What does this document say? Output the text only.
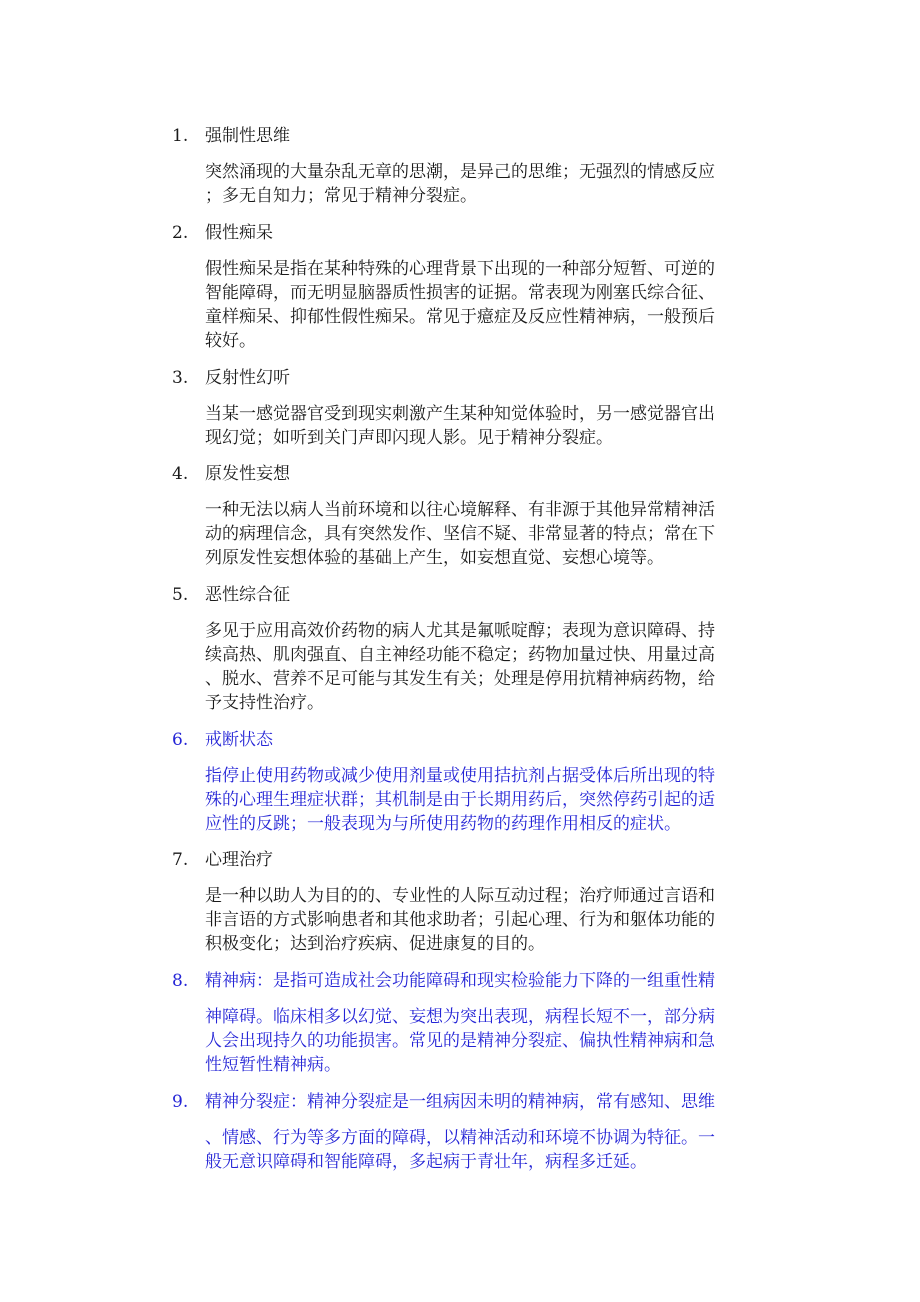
1. 强制性思维
突然涌现的大量杂乱无章的思潮，是异己的思维；无强烈的情感反应
；多无自知力；常见于精神分裂症。
2. 假性痴呆
假性痴呆是指在某种特殊的心理背景下出现的一种部分短暂、可逆的
智能障碍，而无明显脑器质性损害的证据。常表现为刚塞氏综合征、
童样痴呆、抑郁性假性痴呆。常见于癔症及反应性精神病，一般预后
较好。
3. 反射性幻听
当某一感觉器官受到现实刺激产生某种知觉体验时，另一感觉器官出
现幻觉；如听到关门声即闪现人影。见于精神分裂症。
4. 原发性妄想
一种无法以病人当前环境和以往心境解释、有非源于其他异常精神活
动的病理信念，具有突然发作、坚信不疑、非常显著的特点；常在下
列原发性妄想体验的基础上产生，如妄想直觉、妄想心境等。
5. 恶性综合征
多见于应用高效价药物的病人尤其是氟哌啶醇；表现为意识障碍、持
续高热、肌肉强直、自主神经功能不稳定；药物加量过快、用量过高
、脱水、营养不足可能与其发生有关；处理是停用抗精神病药物，给
予支持性治疗。
6. 戒断状态
指停止使用药物或减少使用剂量或使用拮抗剂占据受体后所出现的特
殊的心理生理症状群；其机制是由于长期用药后，突然停药引起的适
应性的反跳；一般表现为与所使用药物的药理作用相反的症状。
7. 心理治疗
是一种以助人为目的的、专业性的人际互动过程；治疗师通过言语和
非言语的方式影响患者和其他求助者；引起心理、行为和躯体功能的
积极变化；达到治疗疾病、促进康复的目的。
8. 精神病：是指可造成社会功能障碍和现实检验能力下降的一组重性精
神障碍。临床相多以幻觉、妄想为突出表现，病程长短不一，部分病
人会出现持久的功能损害。常见的是精神分裂症、偏执性精神病和急
性短暂性精神病。
9. 精神分裂症：精神分裂症是一组病因未明的精神病，常有感知、思维
、情感、行为等多方面的障碍，以精神活动和环境不协调为特征。一
般无意识障碍和智能障碍，多起病于青壮年，病程多迁延。
